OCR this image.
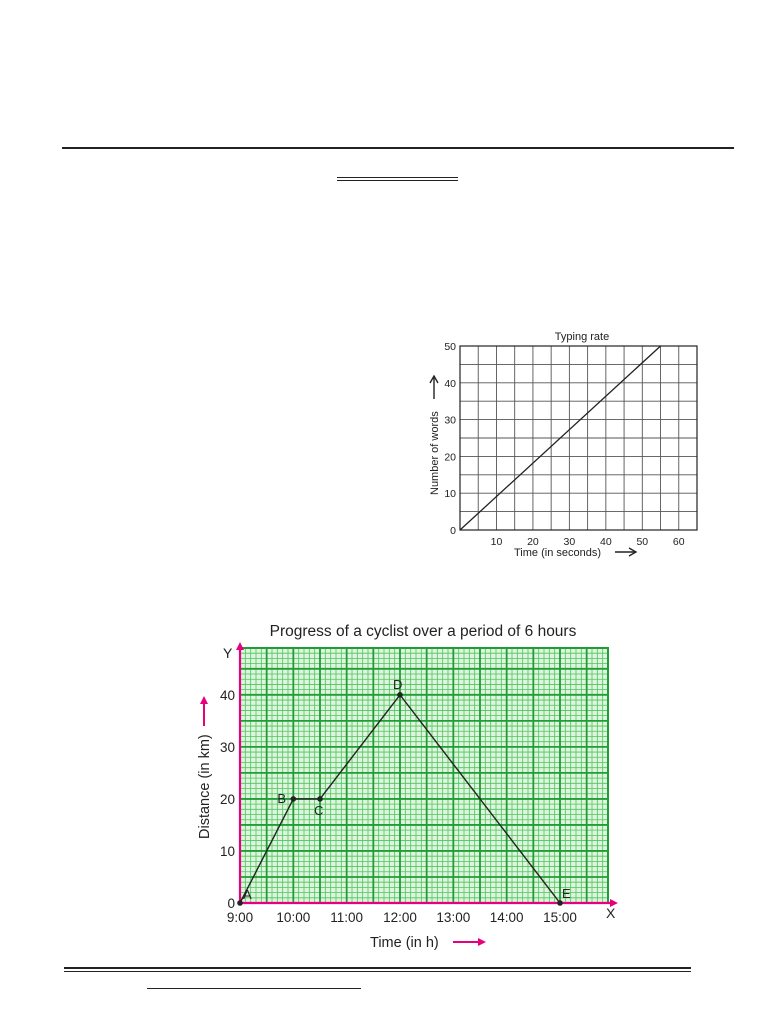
Typing rate
10 20 30 40 50 60
10
20
30
40
50
0
Time (in seconds)
Number of words
Progress of a cyclist over a period of 6 hours
9:00 10:00 11:00 12:00 13:00 14:00 15:00
0
10
20
30
40
A
B
C
D
E
X
Y
Time (in h)
Distance (in km)
